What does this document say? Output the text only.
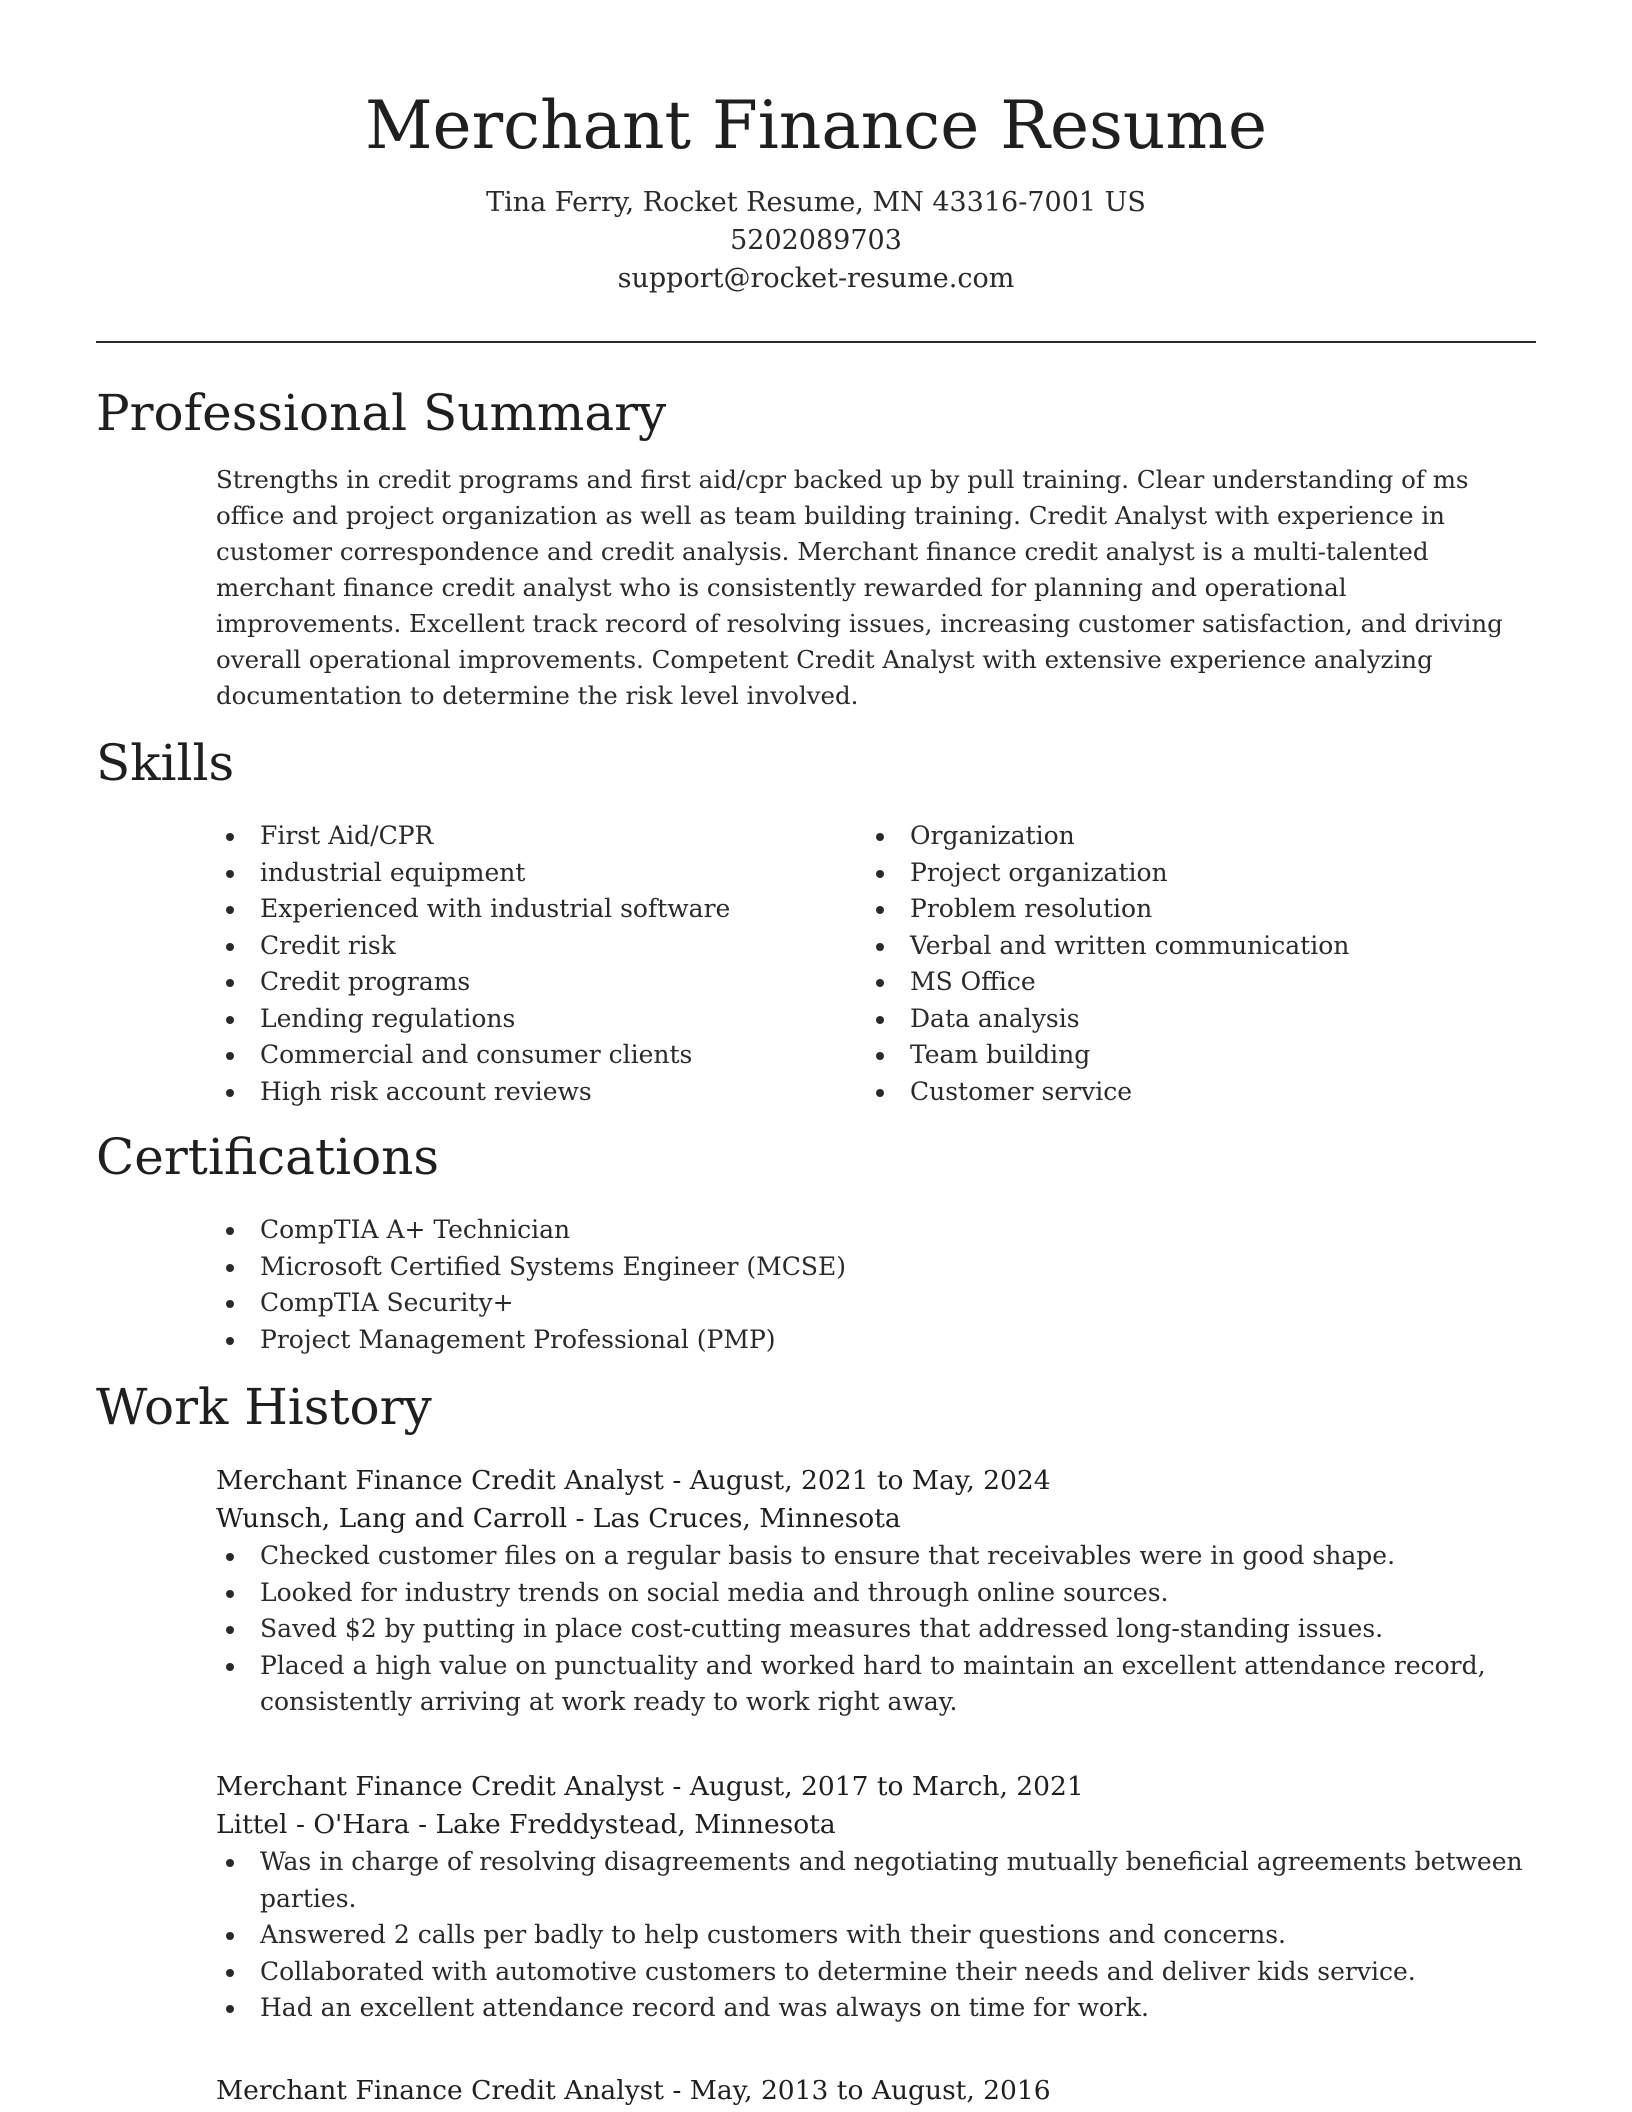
Merchant Finance Resume
Tina Ferry, Rocket Resume, MN 43316-7001 US
5202089703
support@rocket-resume.com
Professional Summary

Strengths in credit programs and first aid/cpr backed up by pull training. Clear understanding of ms office and project organization as well as team building training. Credit Analyst with experience in customer correspondence and credit analysis. Merchant finance credit analyst is a multi-talented merchant finance credit analyst who is consistently rewarded for planning and operational improvements. Excellent track record of resolving issues, increasing customer satisfaction, and driving overall operational improvements. Competent Credit Analyst with extensive experience analyzing documentation to determine the risk level involved.

Skills
First Aid/CPR
industrial equipment
Experienced with industrial software
Credit risk
Credit programs
Lending regulations
Commercial and consumer clients
High risk account reviews
Organization
Project organization
Problem resolution
Verbal and written communication
MS Office
Data analysis
Team building
Customer service
Certifications
CompTIA A+ Technician
Microsoft Certified Systems Engineer (MCSE)
CompTIA Security+
Project Management Professional (PMP)
Work History
Merchant Finance Credit Analyst - August, 2021 to May, 2024
Wunsch, Lang and Carroll - Las Cruces, Minnesota
Checked customer files on a regular basis to ensure that receivables were in good shape.
Looked for industry trends on social media and through online sources.
Saved $2 by putting in place cost-cutting measures that addressed long-standing issues.
Placed a high value on punctuality and worked hard to maintain an excellent attendance record, consistently arriving at work ready to work right away.
Merchant Finance Credit Analyst - August, 2017 to March, 2021
Littel - O'Hara - Lake Freddystead, Minnesota
Was in charge of resolving disagreements and negotiating mutually beneficial agreements between parties.
Answered 2 calls per badly to help customers with their questions and concerns.
Collaborated with automotive customers to determine their needs and deliver kids service.
Had an excellent attendance record and was always on time for work.
Merchant Finance Credit Analyst - May, 2013 to August, 2016
